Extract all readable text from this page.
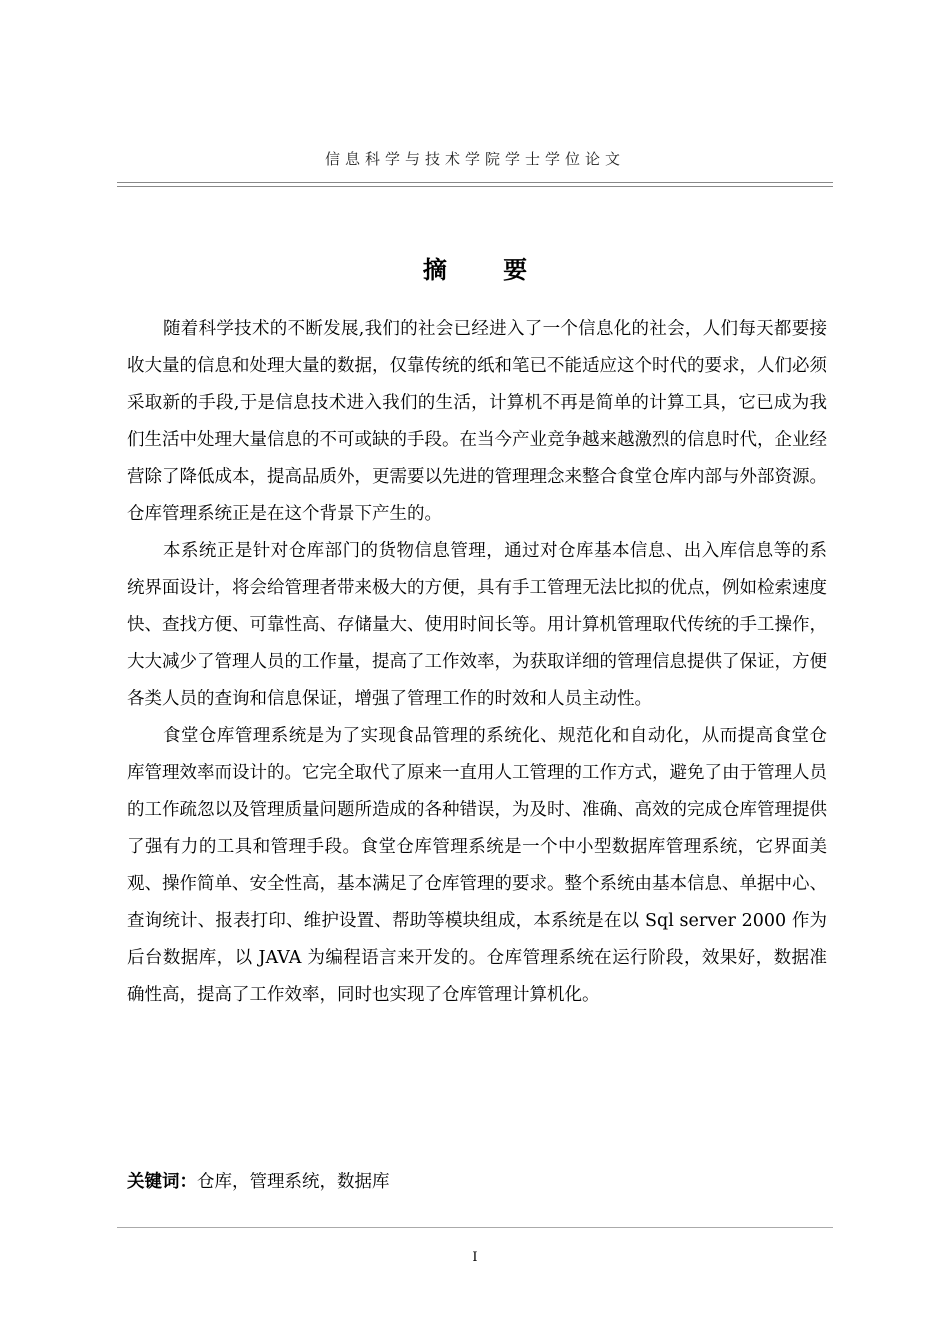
信息科学与技术学院学士学位论文
摘 要

随着科学技术的不断发展,我们的社会已经进入了一个信息化的社会，人们每天都要接收大量的信息和处理大量的数据，仅靠传统的纸和笔已不能适应这个时代的要求，人们必须采取新的手段,于是信息技术进入我们的生活，计算机不再是简单的计算工具，它已成为我们生活中处理大量信息的不可或缺的手段。在当今产业竞争越来越激烈的信息时代，企业经营除了降低成本，提高品质外，更需要以先进的管理理念来整合食堂仓库内部与外部资源。仓库管理系统正是在这个背景下产生的。

本系统正是针对仓库部门的货物信息管理，通过对仓库基本信息、出入库信息等的系统界面设计，将会给管理者带来极大的方便，具有手工管理无法比拟的优点，例如检索速度快、查找方便、可靠性高、存储量大、使用时间长等。用计算机管理取代传统的手工操作，大大减少了管理人员的工作量，提高了工作效率，为获取详细的管理信息提供了保证，方便各类人员的查询和信息保证，增强了管理工作的时效和人员主动性。

食堂仓库管理系统是为了实现食品管理的系统化、规范化和自动化，从而提高食堂仓库管理效率而设计的。它完全取代了原来一直用人工管理的工作方式，避免了由于管理人员的工作疏忽以及管理质量问题所造成的各种错误，为及时、准确、高效的完成仓库管理提供了强有力的工具和管理手段。食堂仓库管理系统是一个中小型数据库管理系统，它界面美观、操作简单、安全性高，基本满足了仓库管理的要求。整个系统由基本信息、单据中心、查询统计、报表打印、维护设置、帮助等模块组成，本系统是在以 Sql server 2000 作为后台数据库，以 JAVA 为编程语言来开发的。仓库管理系统在运行阶段，效果好，数据准确性高，提高了工作效率，同时也实现了仓库管理计算机化。

关键词：仓库，管理系统，数据库
I
